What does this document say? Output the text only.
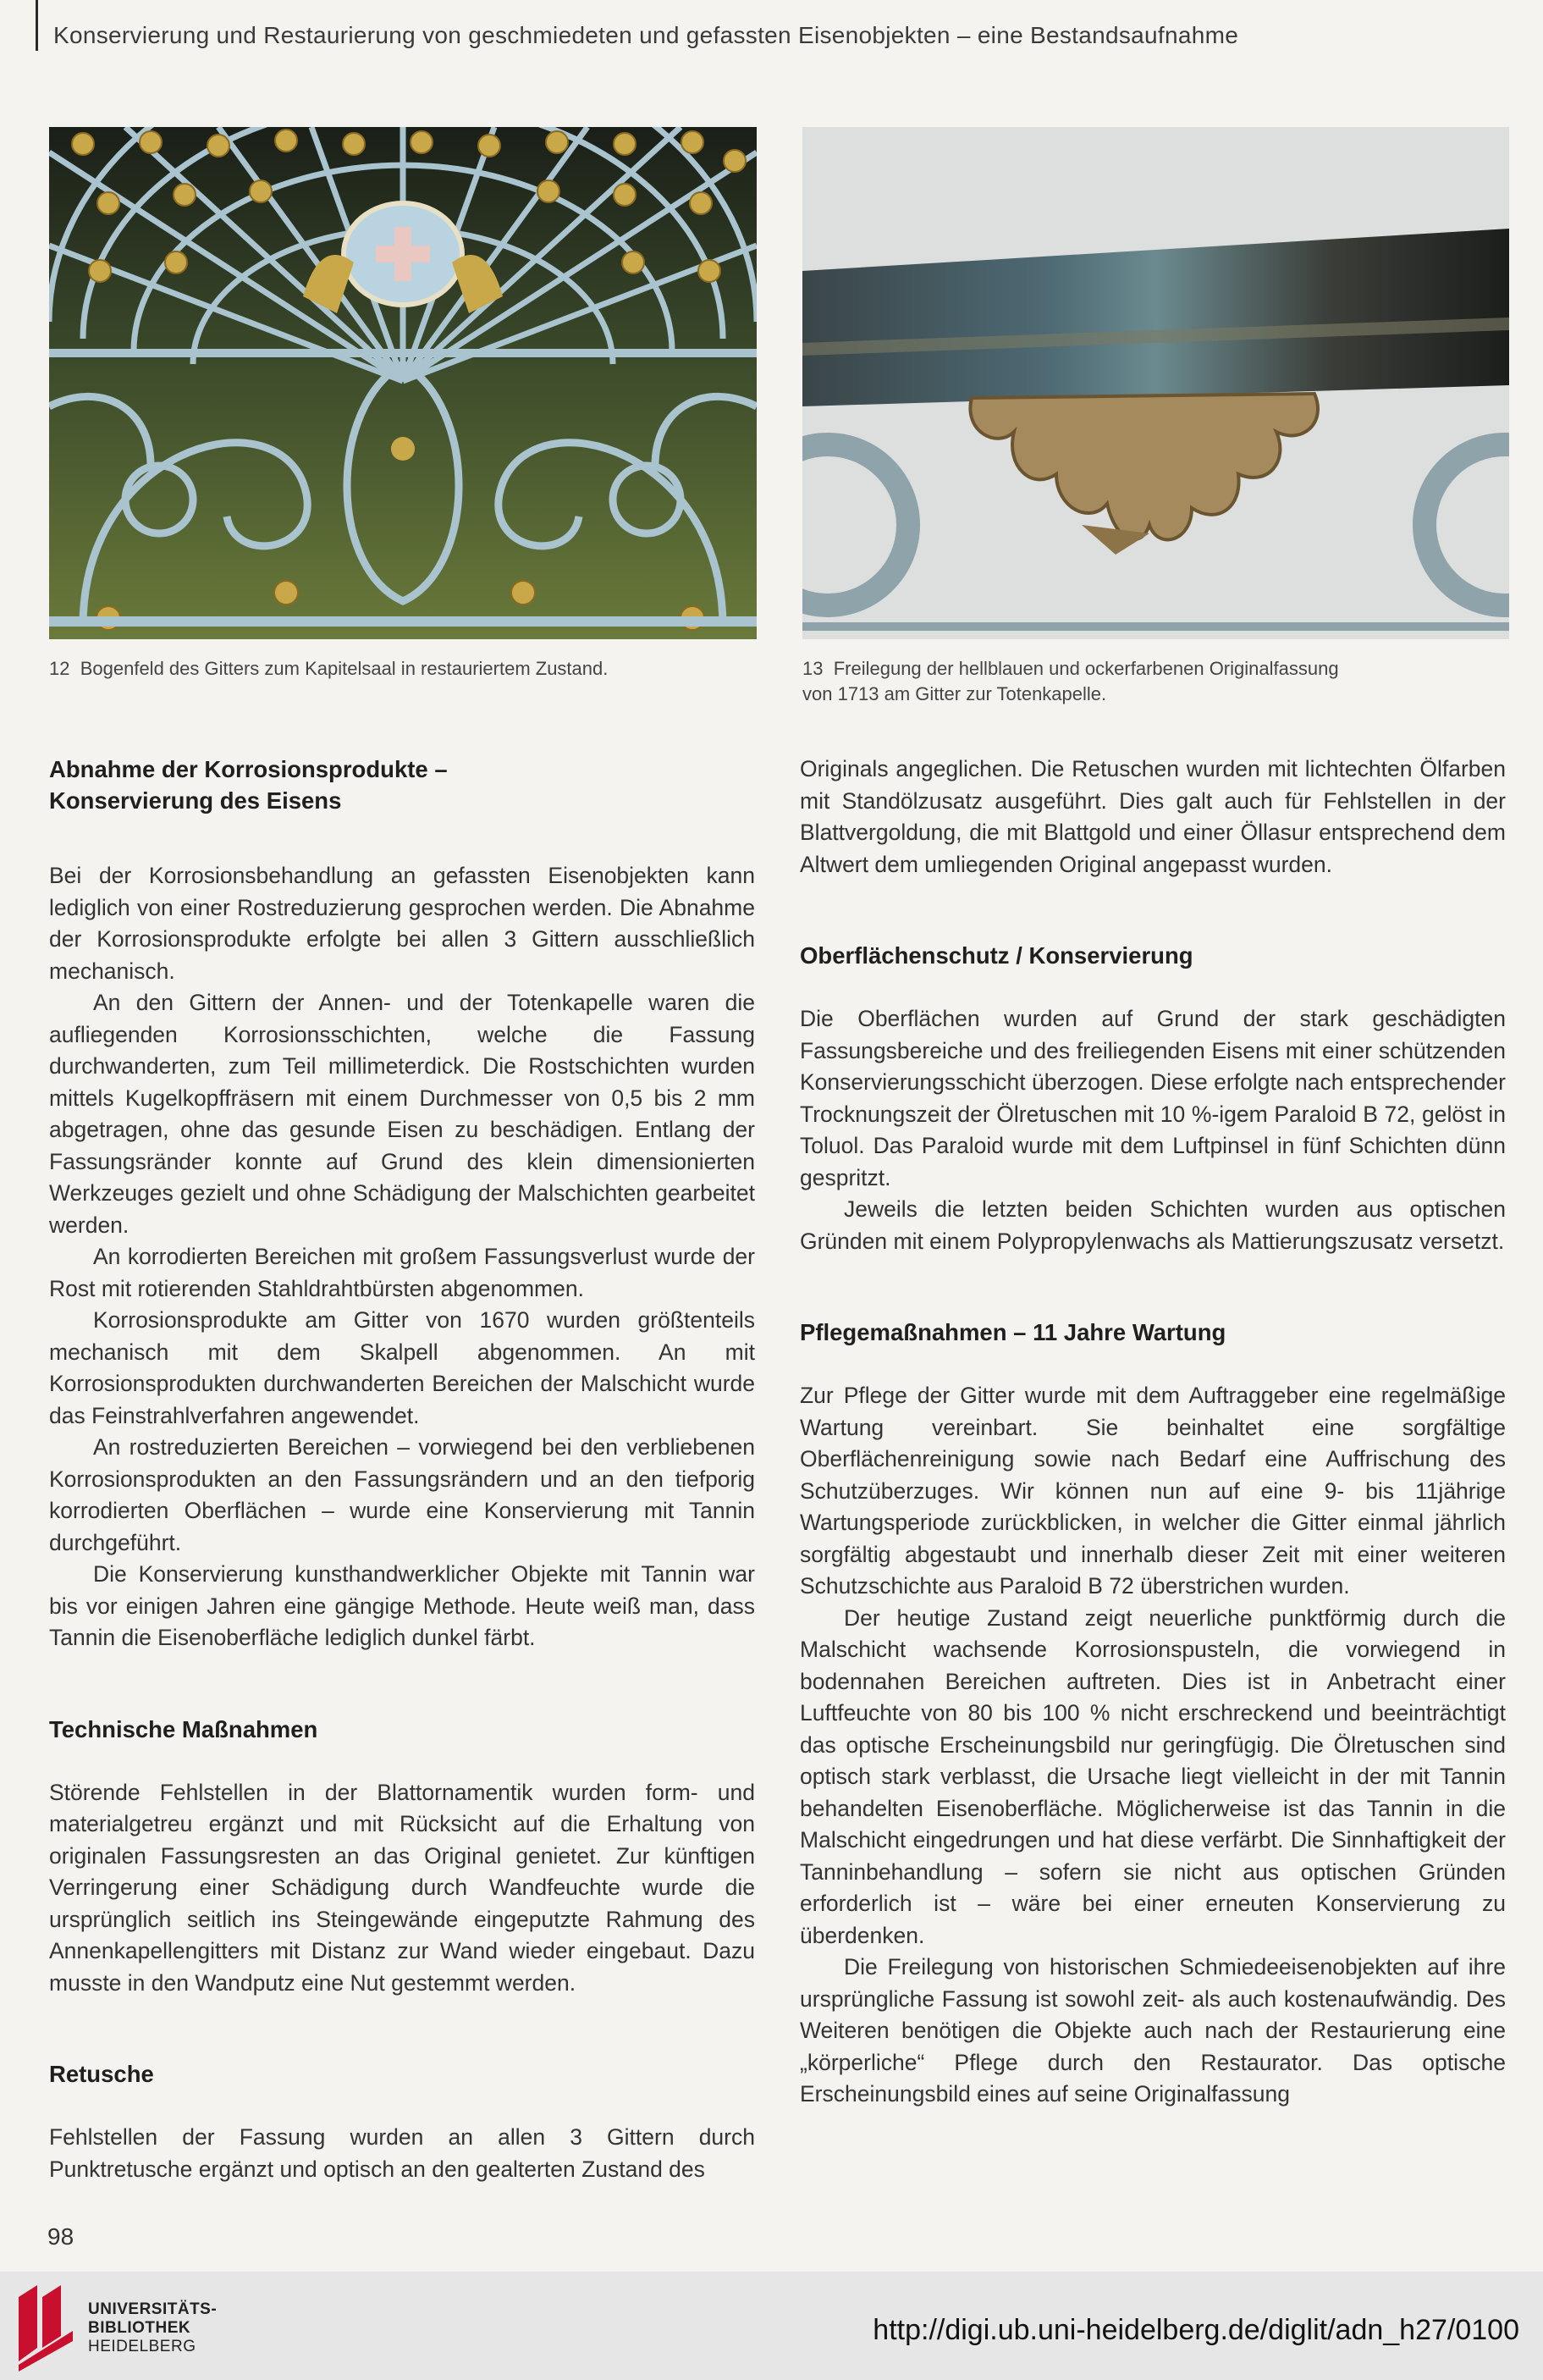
Konservierung und Restaurierung von geschmiedeten und gefassten Eisenobjekten – eine Bestandsaufnahme
12 Bogenfeld des Gitters zum Kapitelsaal in restauriertem Zustand.	13 Freilegung der hellblauen und ockerfarbenen Originalfassung
von 1713 am Gitter zur Totenkapelle.
Abnahme der Korrosionsprodukte –
Konservierung des Eisens

Bei der Korrosionsbehandlung an gefassten Eisenobjekten kann lediglich von einer Rostreduzierung gesprochen werden. Die Abnahme der Korrosionsprodukte erfolgte bei allen 3 Gittern ausschließlich mechanisch.

An den Gittern der Annen- und der Totenkapelle waren die aufliegenden Korrosionsschichten, welche die Fassung durchwanderten, zum Teil millimeterdick. Die Rostschichten wurden mittels Kugelkopffräsern mit einem Durchmesser von 0,5 bis 2 mm abgetragen, ohne das gesunde Eisen zu beschädigen. Entlang der Fassungsränder konnte auf Grund des klein dimensionierten Werkzeuges gezielt und ohne Schädigung der Malschichten gearbeitet werden.

An korrodierten Bereichen mit großem Fassungsverlust wurde der Rost mit rotierenden Stahldrahtbürsten abgenommen.

Korrosionsprodukte am Gitter von 1670 wurden größtenteils mechanisch mit dem Skalpell abgenommen. An mit Korrosionsprodukten durchwanderten Bereichen der Malschicht wurde das Feinstrahlverfahren angewendet.

An rostreduzierten Bereichen – vorwiegend bei den verbliebenen Korrosionsprodukten an den Fassungsrändern und an den tiefporig korrodierten Oberflächen – wurde eine Konservierung mit Tannin durchgeführt.

Die Konservierung kunsthandwerklicher Objekte mit Tannin war bis vor einigen Jahren eine gängige Methode. Heute weiß man, dass Tannin die Eisenoberfläche lediglich dunkel färbt.

Technische Maßnahmen

Störende Fehlstellen in der Blattornamentik wurden form- und materialgetreu ergänzt und mit Rücksicht auf die Erhaltung von originalen Fassungsresten an das Original genietet. Zur künftigen Verringerung einer Schädigung durch Wandfeuchte wurde die ursprünglich seitlich ins Steingewände eingeputzte Rahmung des Annenkapellengitters mit Distanz zur Wand wieder eingebaut. Dazu musste in den Wandputz eine Nut gestemmt werden.

Retusche

Fehlstellen der Fassung wurden an allen 3 Gittern durch Punktretusche ergänzt und optisch an den gealterten Zustand des

Originals angeglichen. Die Retuschen wurden mit lichtechten Ölfarben mit Standölzusatz ausgeführt. Dies galt auch für Fehlstellen in der Blattvergoldung, die mit Blattgold und einer Öllasur entsprechend dem Altwert dem umliegenden Original angepasst wurden.

Oberflächenschutz / Konservierung

Die Oberflächen wurden auf Grund der stark geschädigten Fassungsbereiche und des freiliegenden Eisens mit einer schützenden Konservierungsschicht überzogen. Diese erfolgte nach entsprechender Trocknungszeit der Ölretuschen mit 10 %-igem Paraloid B 72, gelöst in Toluol. Das Paraloid wurde mit dem Luftpinsel in fünf Schichten dünn gespritzt.

Jeweils die letzten beiden Schichten wurden aus optischen Gründen mit einem Polypropylenwachs als Mattierungszusatz versetzt.

Pflegemaßnahmen – 11 Jahre Wartung

Zur Pflege der Gitter wurde mit dem Auftraggeber eine regelmäßige Wartung vereinbart. Sie beinhaltet eine sorgfältige Oberflächenreinigung sowie nach Bedarf eine Auffrischung des Schutzüberzuges. Wir können nun auf eine 9- bis 11jährige Wartungsperiode zurückblicken, in welcher die Gitter einmal jährlich sorgfältig abgestaubt und innerhalb dieser Zeit mit einer weiteren Schutzschichte aus Paraloid B 72 überstrichen wurden.

Der heutige Zustand zeigt neuerliche punktförmig durch die Malschicht wachsende Korrosionspusteln, die vorwiegend in bodennahen Bereichen auftreten. Dies ist in Anbetracht einer Luftfeuchte von 80 bis 100 % nicht erschreckend und beeinträchtigt das optische Erscheinungsbild nur geringfügig. Die Ölretuschen sind optisch stark verblasst, die Ursache liegt vielleicht in der mit Tannin behandelten Eisenoberfläche. Möglicherweise ist das Tannin in die Malschicht eingedrungen und hat diese verfärbt. Die Sinnhaftigkeit der Tanninbehandlung – sofern sie nicht aus optischen Gründen erforderlich ist – wäre bei einer erneuten Konservierung zu überdenken.

Die Freilegung von historischen Schmiedeeisenobjekten auf ihre ursprüngliche Fassung ist sowohl zeit- als auch kostenaufwändig. Des Weiteren benötigen die Objekte auch nach der Restaurierung eine „körperliche“ Pflege durch den Restaurator. Das optische Erscheinungsbild eines auf seine Originalfassung

98
UNIVERSITÄTS-
BIBLIOTHEK
HEIDELBERG
http://digi.ub.uni-heidelberg.de/diglit/adn_h27/0100
